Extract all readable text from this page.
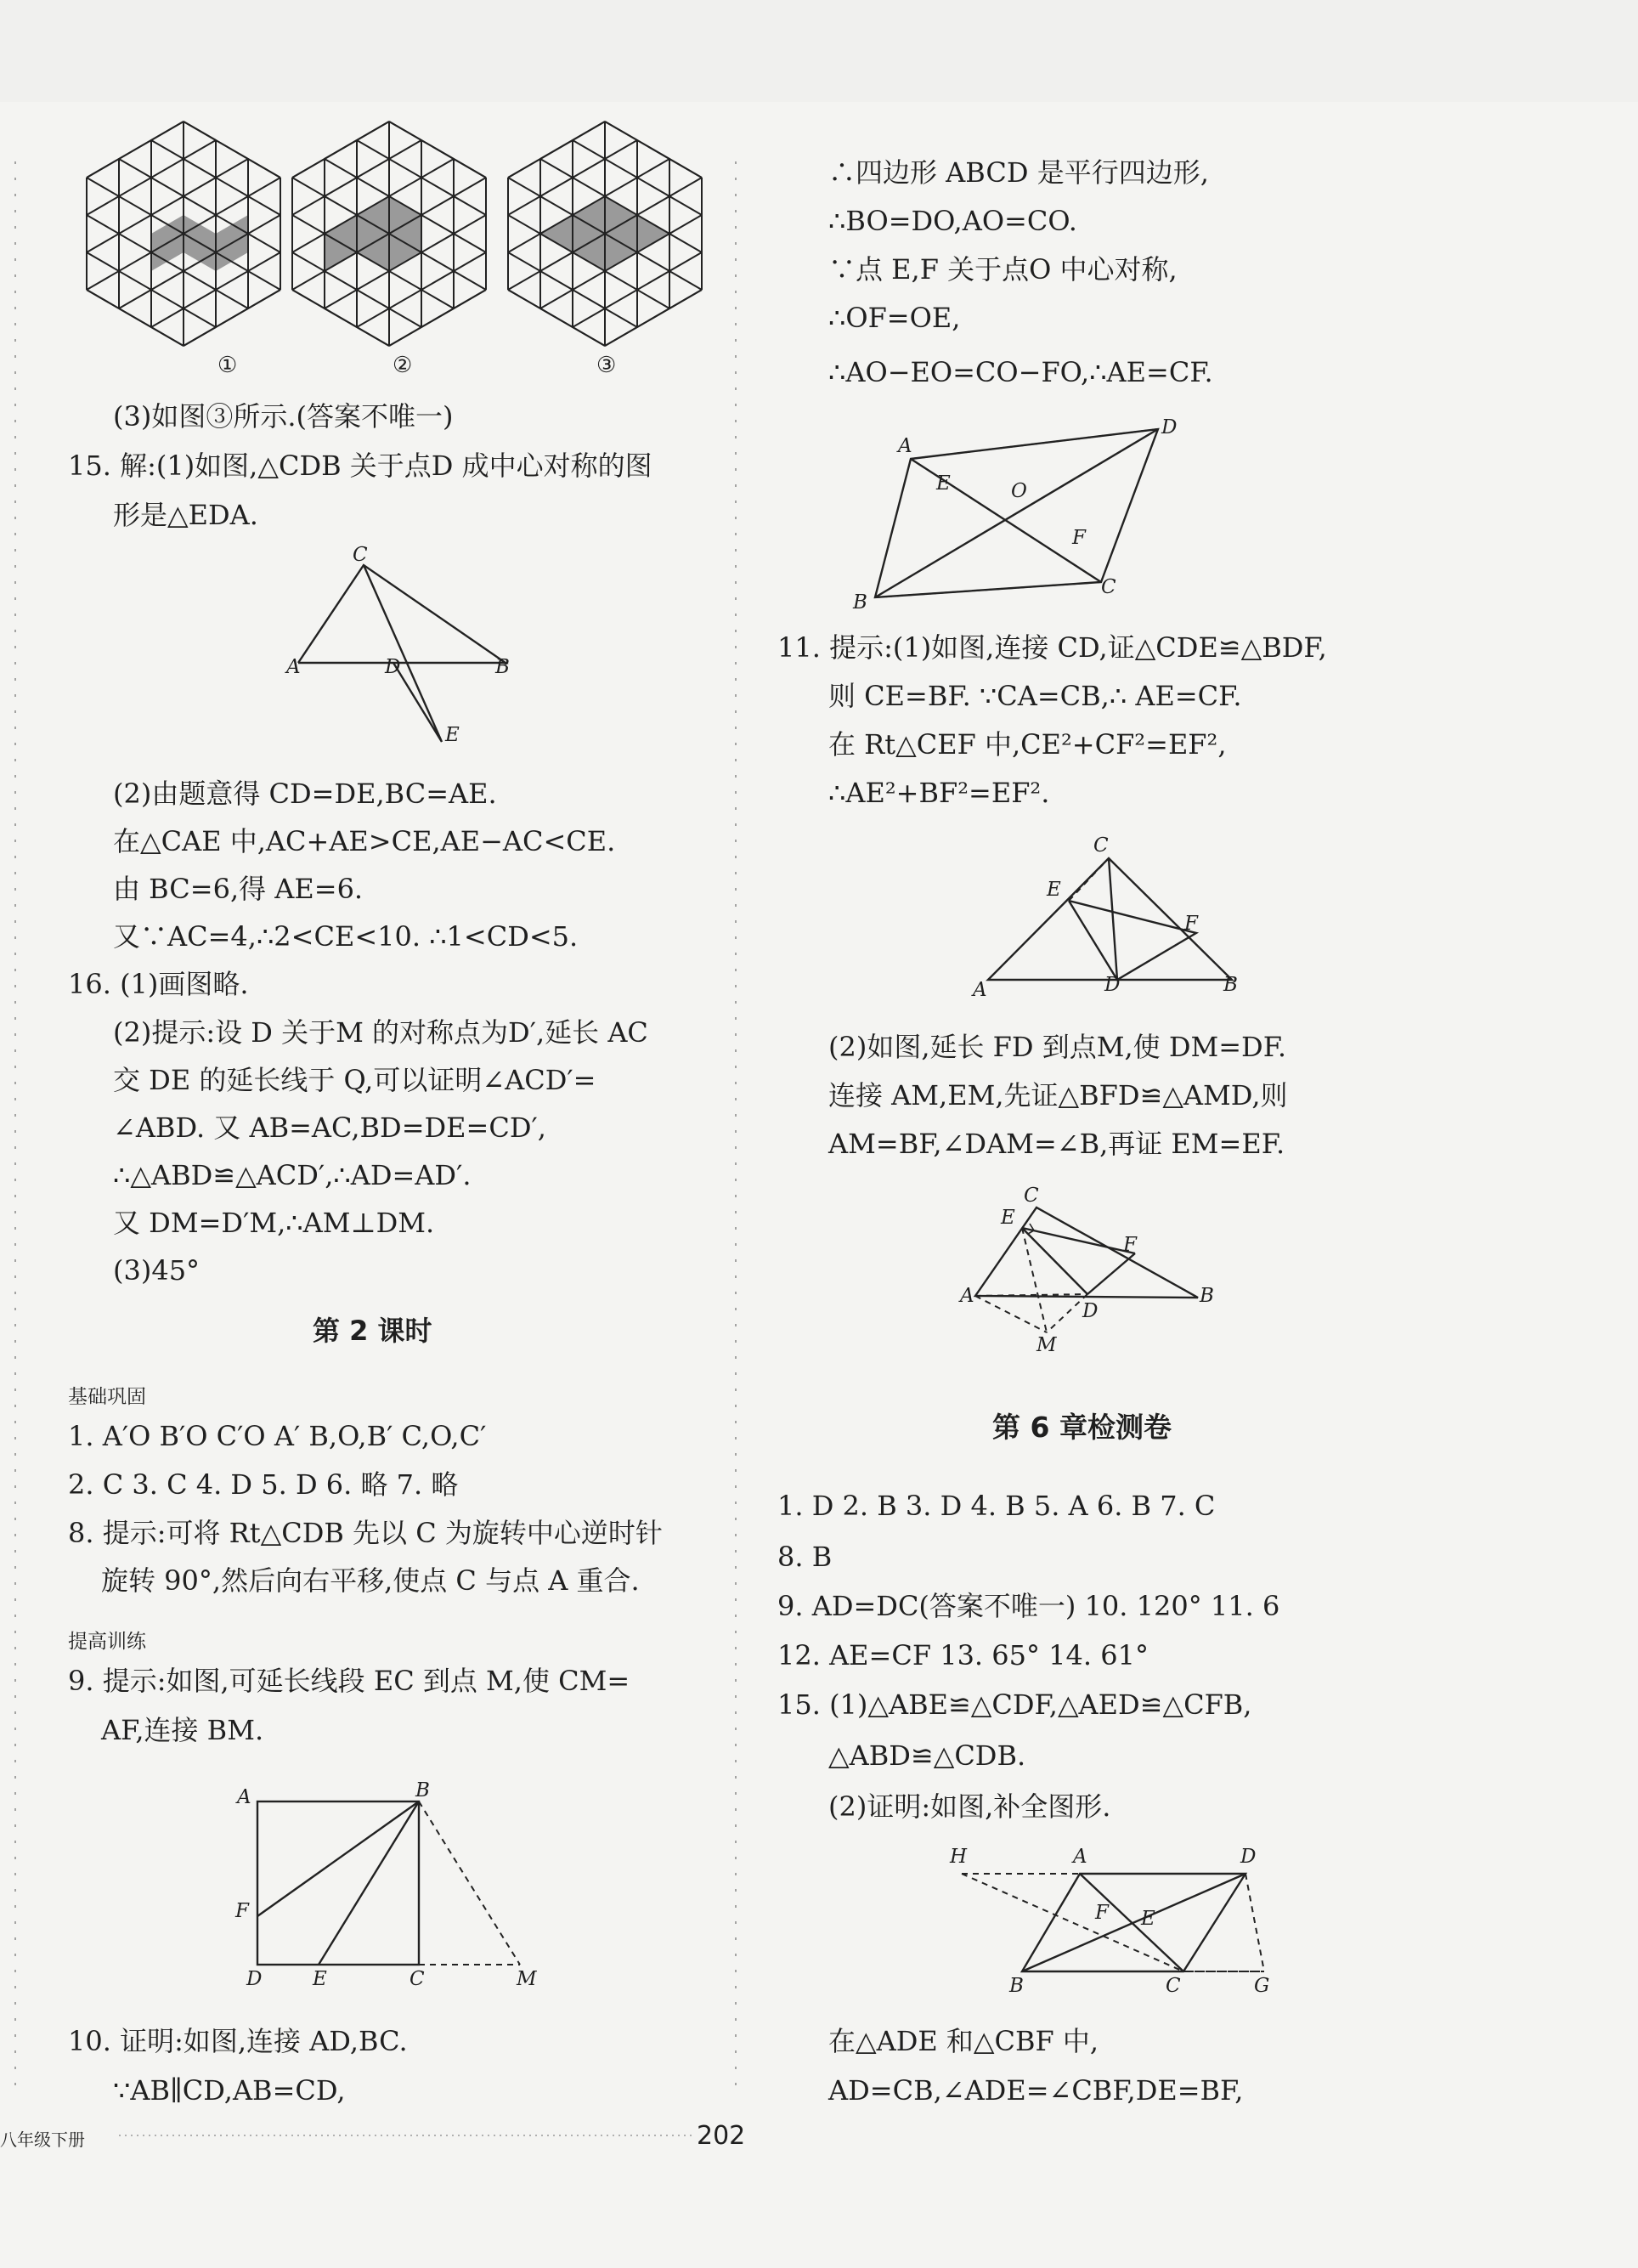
①	②	③
(3)如图③所示.(答案不唯一)
15. 解:(1)如图,△CDB 关于点D 成中心对称的图
形是△EDA.
C
A	D	B
E
(2)由题意得 CD=DE,BC=AE.
在△CAE 中,AC+AE>CE,AE−AC<CE.
由 BC=6,得 AE=6.
又∵AC=4,∴2<CE<10. ∴1<CD<5.
16. (1)画图略.
(2)提示:设 D 关于M 的对称点为D′,延长 AC
交 DE 的延长线于 Q,可以证明∠ACD′=
∠ABD. 又 AB=AC,BD=DE=CD′,
∴△ABD≌△ACD′,∴AD=AD′.
又 DM=D′M,∴AM⊥DM.
(3)45°
第 2 课时
基础巩固
1. A′O B′O C′O A′ B,O,B′ C,O,C′
2. C 3. C 4. D 5. D 6. 略 7. 略
8. 提示:可将 Rt△CDB 先以 C 为旋转中心逆时针
旋转 90°,然后向右平移,使点 C 与点 A 重合.
提高训练
9. 提示:如图,可延长线段 EC 到点 M,使 CM=
AF,连接 BM.
A	B
F
D	E	C	M
10. 证明:如图,连接 AD,BC.
∵AB∥CD,AB=CD,
∴四边形 ABCD 是平行四边形,
∴BO=DO,AO=CO.
∵点 E,F 关于点O 中心对称,
∴OF=OE,
∴AO−EO=CO−FO,∴AE=CF.
A
D
E	O
F
B
C
11. 提示:(1)如图,连接 CD,证△CDE≌△BDF,
则 CE=BF. ∵CA=CB,∴ AE=CF.
在 Rt△CEF 中,CE²+CF²=EF²,
∴AE²+BF²=EF².
C
E
F
A	D	B
(2)如图,延长 FD 到点M,使 DM=DF.
连接 AM,EM,先证△BFD≌△AMD,则
AM=BF,∠DAM=∠B,再证 EM=EF.
C
E
F
A
D
B
M
第 6 章检测卷
1. D 2. B 3. D 4. B 5. A 6. B 7. C
8. B
9. AD=DC(答案不唯一) 10. 120° 11. 6
12. AE=CF 13. 65° 14. 61°
15. (1)△ABE≌△CDF,△AED≌△CFB,
△ABD≌△CDB.
(2)证明:如图,补全图形.
H	A	D
F E
B	C	G
在△ADE 和△CBF 中,
AD=CB,∠ADE=∠CBF,DE=BF,
八年级下册	202
